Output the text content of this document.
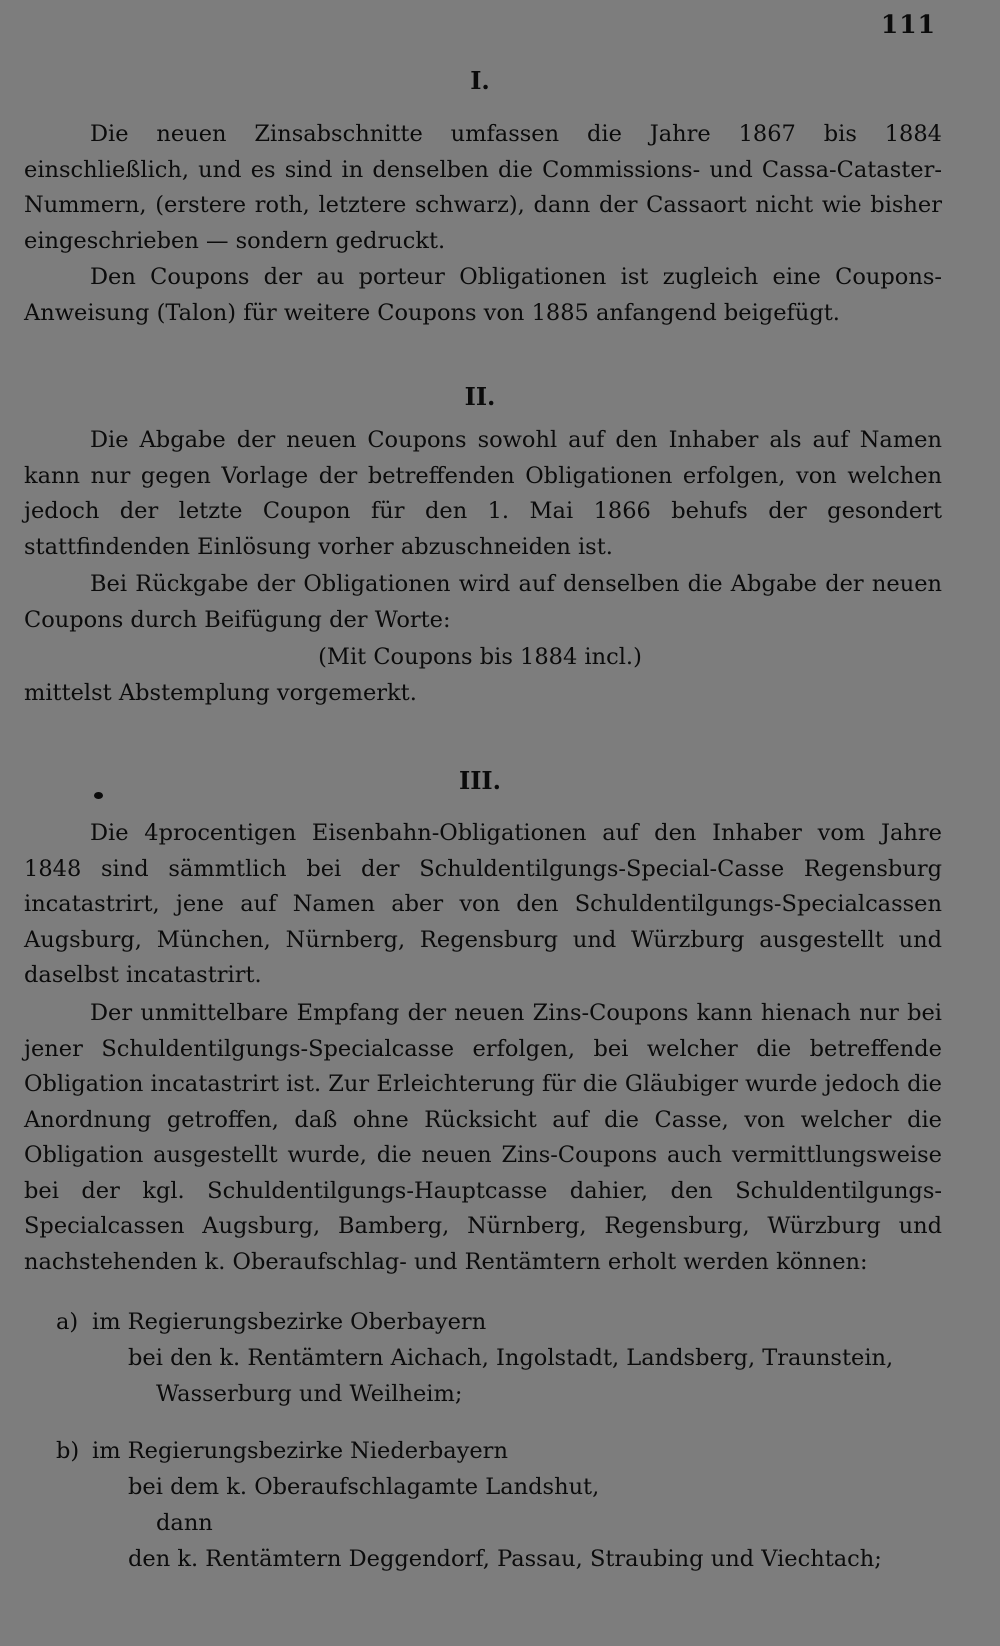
111
I.

Die neuen Zinsabschnitte umfassen die Jahre 1867 bis 1884 einschließlich, und es sind in denselben die Commissions- und Cassa-Cataster-Nummern, (erstere roth, letztere schwarz), dann der Cassaort nicht wie bisher eingeschrieben — sondern gedruckt.

Den Coupons der au porteur Obligationen ist zugleich eine Coupons-Anweisung (Talon) für weitere Coupons von 1885 anfangend beigefügt.

II.

Die Abgabe der neuen Coupons sowohl auf den Inhaber als auf Namen kann nur gegen Vorlage der betreffenden Obligationen erfolgen, von welchen jedoch der letzte Coupon für den 1. Mai 1866 behufs der gesondert stattfindenden Einlösung vorher abzuschneiden ist.

Bei Rückgabe der Obligationen wird auf denselben die Abgabe der neuen Coupons durch Beifügung der Worte:

(Mit Coupons bis 1884 incl.)
mittelst Abstemplung vorgemerkt.
III.

Die 4procentigen Eisenbahn-Obligationen auf den Inhaber vom Jahre 1848 sind sämmtlich bei der Schuldentilgungs-Special-Casse Regensburg incatastrirt, jene auf Namen aber von den Schuldentilgungs-Specialcassen Augsburg, München, Nürnberg, Regensburg und Würzburg ausgestellt und daselbst incatastrirt.

Der unmittelbare Empfang der neuen Zins-Coupons kann hienach nur bei jener Schuldentilgungs-Specialcasse erfolgen, bei welcher die betreffende Obligation incatastrirt ist. Zur Erleichterung für die Gläubiger wurde jedoch die Anordnung getroffen, daß ohne Rücksicht auf die Casse, von welcher die Obligation ausgestellt wurde, die neuen Zins-Coupons auch vermittlungsweise bei der kgl. Schuldentilgungs-Hauptcasse dahier, den Schuldentilgungs-Specialcassen Augsburg, Bamberg, Nürnberg, Regensburg, Würzburg und nachstehenden k. Oberaufschlag- und Rentämtern erholt werden können:

a) im Regierungsbezirke Oberbayern
bei den k. Rentämtern Aichach, Ingolstadt, Landsberg, Traunstein,
Wasserburg und Weilheim;
b) im Regierungsbezirke Niederbayern
bei dem k. Oberaufschlagamte Landshut,
dann
den k. Rentämtern Deggendorf, Passau, Straubing und Viechtach;
